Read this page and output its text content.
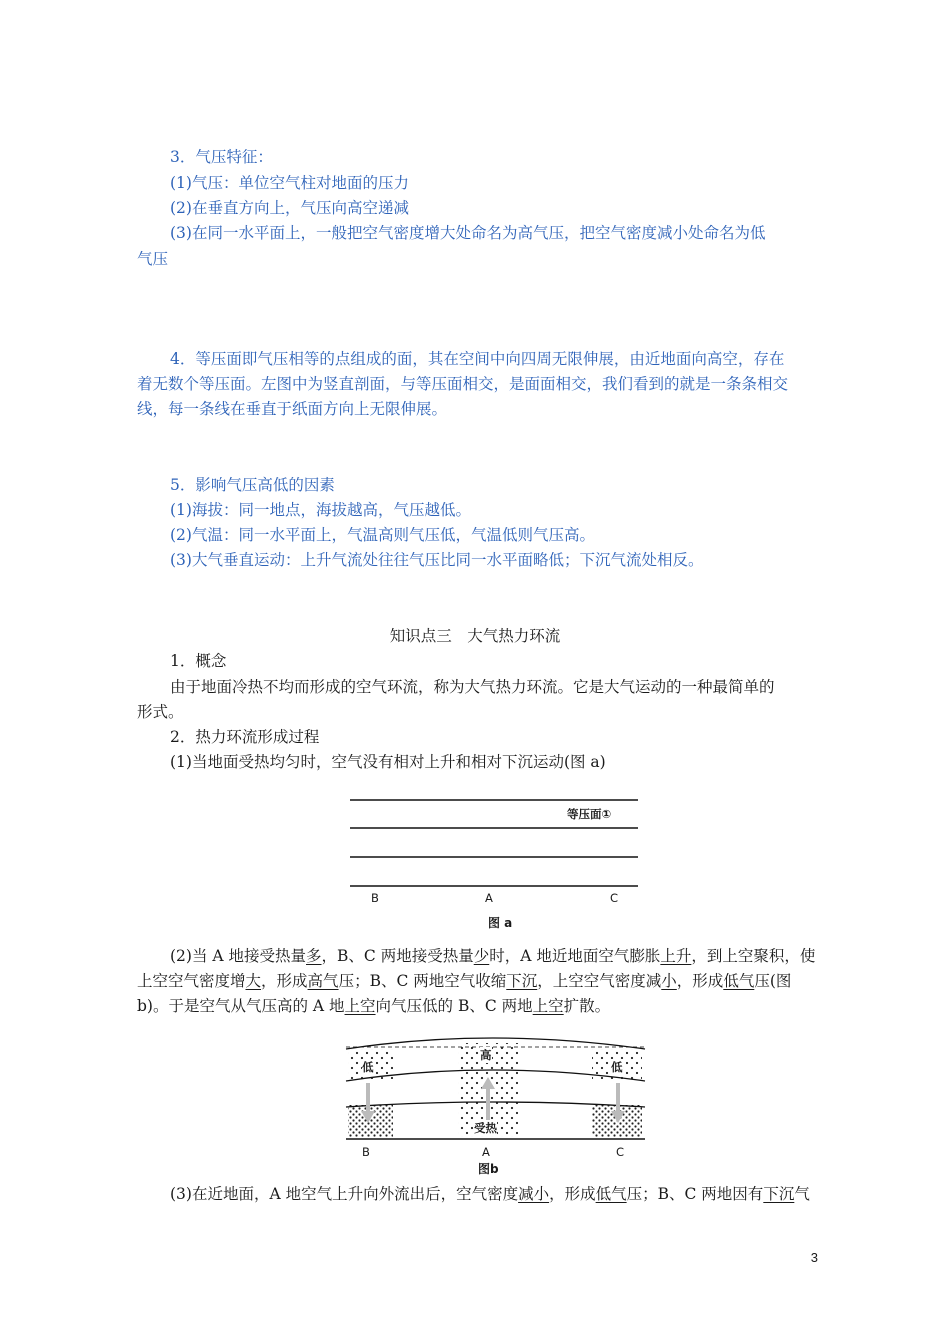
3．气压特征：
(1)气压：单位空气柱对地面的压力
(2)在垂直方向上，气压向高空递减
(3)在同一水平面上，一般把空气密度增大处命名为高气压，把空气密度减小处命名为低
气压
4．等压面即气压相等的点组成的面，其在空间中向四周无限伸展，由近地面向高空，存在
着无数个等压面。左图中为竖直剖面，与等压面相交，是面面相交，我们看到的就是一条条相交
线，每一条线在垂直于纸面方向上无限伸展。
5．影响气压高低的因素
(1)海拔：同一地点，海拔越高，气压越低。
(2)气温：同一水平面上，气温高则气压低，气温低则气压高。
(3)大气垂直运动：上升气流处往往气压比同一水平面略低；下沉气流处相反。
知识点三　大气热力环流
1．概念
由于地面冷热不均而形成的空气环流，称为大气热力环流。它是大气运动的一种最简单的
形式。
2．热力环流形成过程
(1)当地面受热均匀时，空气没有相对上升和相对下沉运动(图 a)
等压面①
B	A	C
图 a
(2)当 A 地接受热量多，B、C 两地接受热量少时，A 地近地面空气膨胀上升，到上空聚积，使
上空空气密度增大，形成高气压；B、C 两地空气收缩下沉，上空空气密度减小，形成低气压(图
b)。于是空气从气压高的 A 地上空向气压低的 B、C 两地上空扩散。
高
低	低
受热
B	A	C
图b
(3)在近地面，A 地空气上升向外流出后，空气密度减小，形成低气压；B、C 两地因有下沉气
3
